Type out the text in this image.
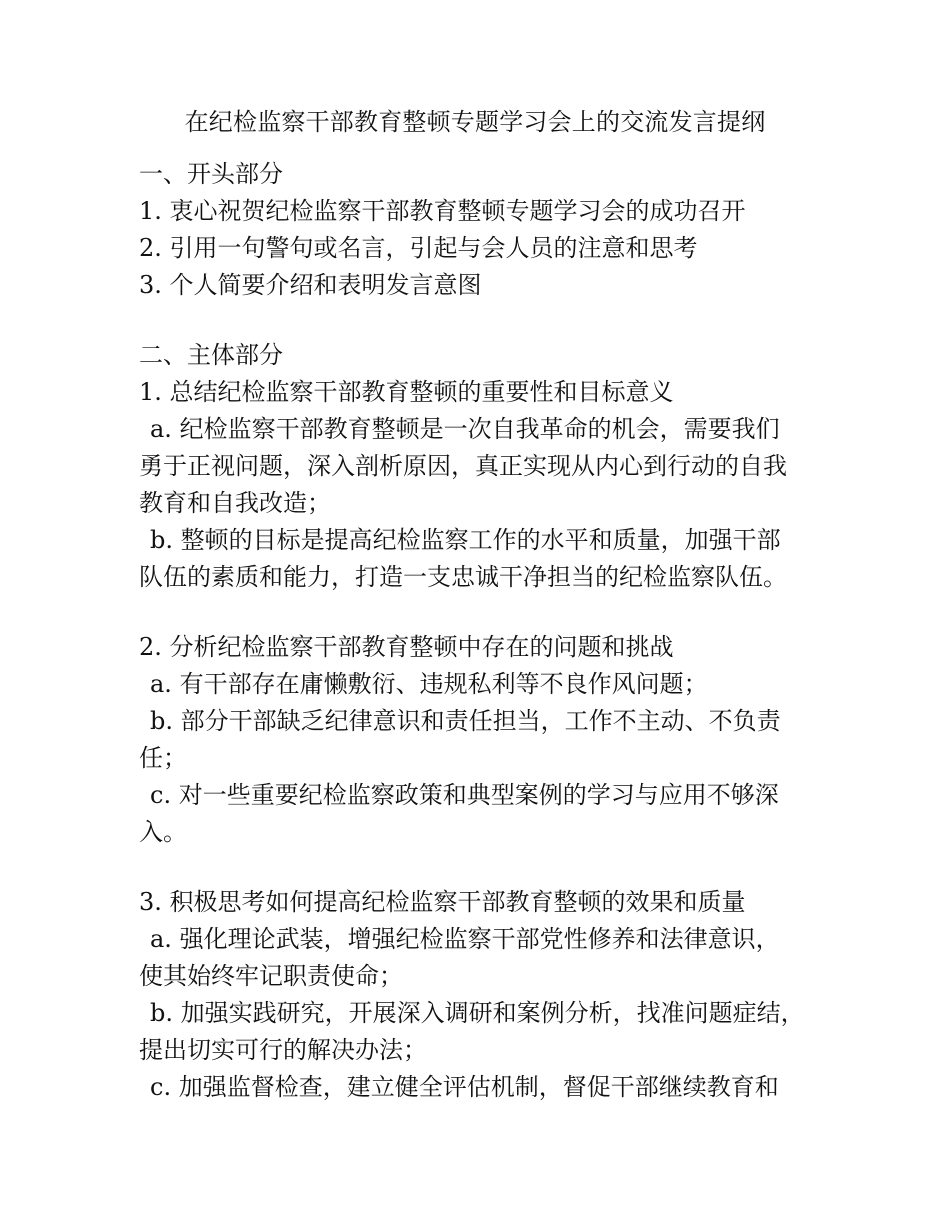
在纪检监察干部教育整顿专题学习会上的交流发言提纲
一、开头部分
1. 衷心祝贺纪检监察干部教育整顿专题学习会的成功召开
2. 引用一句警句或名言，引起与会人员的注意和思考
3. 个人简要介绍和表明发言意图
二、主体部分
1. 总结纪检监察干部教育整顿的重要性和目标意义
a. 纪检监察干部教育整顿是一次自我革命的机会，需要我们
勇于正视问题，深入剖析原因，真正实现从内心到行动的自我
教育和自我改造；
b. 整顿的目标是提高纪检监察工作的水平和质量，加强干部
队伍的素质和能力，打造一支忠诚干净担当的纪检监察队伍。
2. 分析纪检监察干部教育整顿中存在的问题和挑战
a. 有干部存在庸懒敷衍、违规私利等不良作风问题；
b. 部分干部缺乏纪律意识和责任担当，工作不主动、不负责
任；
c. 对一些重要纪检监察政策和典型案例的学习与应用不够深
入。
3. 积极思考如何提高纪检监察干部教育整顿的效果和质量
a. 强化理论武装，增强纪检监察干部党性修养和法律意识，
使其始终牢记职责使命；
b. 加强实践研究，开展深入调研和案例分析，找准问题症结，
提出切实可行的解决办法；
c. 加强监督检查，建立健全评估机制，督促干部继续教育和
